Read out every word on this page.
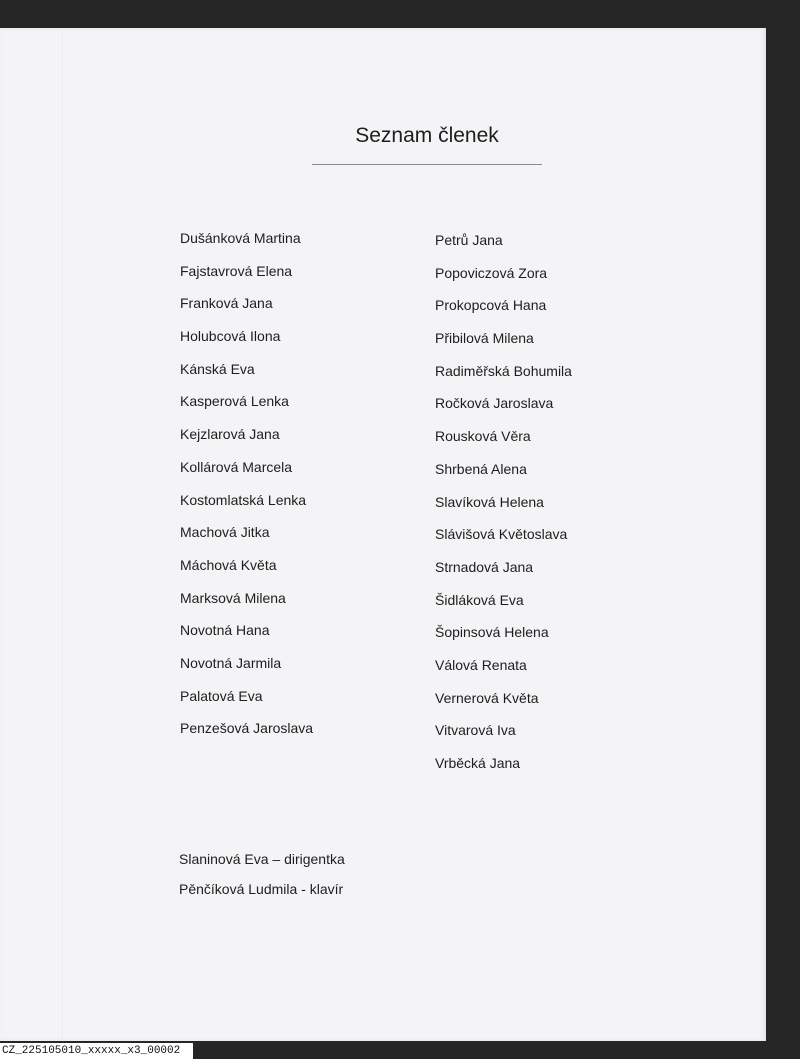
Seznam členek
Dušánková Martina
Fajstavrová Elena
Franková Jana
Holubcová Ilona
Kánská Eva
Kasperová Lenka
Kejzlarová Jana
Kollárová Marcela
Kostomlatská Lenka
Machová Jitka
Máchová Květa
Marksová Milena
Novotná Hana
Novotná Jarmila
Palatová Eva
Penzešová Jaroslava
Petrů Jana
Popoviczová Zora
Prokopcová Hana
Přibilová Milena
Radiměřská Bohumila
Ročková Jaroslava
Rousková Věra
Shrbená Alena
Slavíková Helena
Slávišová Květoslava
Strnadová Jana
Šidláková Eva
Šopinsová Helena
Válová Renata
Vernerová Květa
Vitvarová Iva
Vrběcká Jana
Slaninová Eva – dirigentka
Pěnčíková Ludmila - klavír
CZ_225105010_xxxxx_x3_00002
